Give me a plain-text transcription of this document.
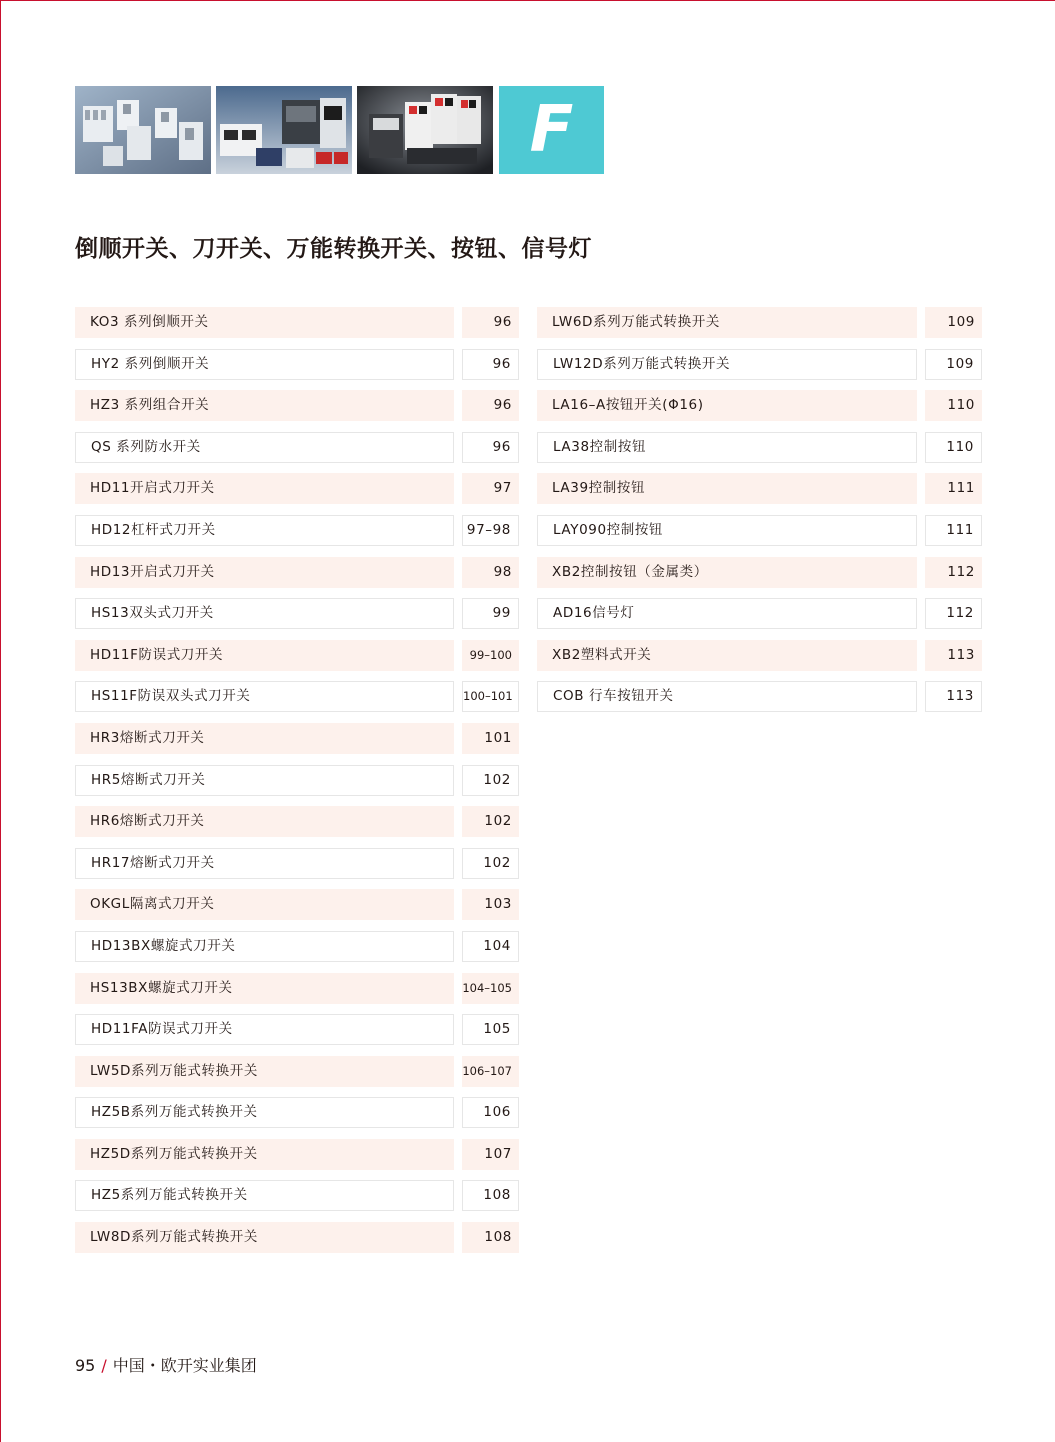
F
倒顺开关、刀开关、万能转换开关、按钮、信号灯
KO3 系列倒顺开关	96
HY2 系列倒顺开关	96
HZ3 系列组合开关	96
QS 系列防水开关	96
HD11开启式刀开关	97
HD12杠杆式刀开关	97–98
HD13开启式刀开关	98
HS13双头式刀开关	99
HD11F防误式刀开关	99–100
HS11F防误双头式刀开关	100–101
HR3熔断式刀开关	101
HR5熔断式刀开关	102
HR6熔断式刀开关	102
HR17熔断式刀开关	102
OKGL隔离式刀开关	103
HD13BX螺旋式刀开关	104
HS13BX螺旋式刀开关	104–105
HD11FA防误式刀开关	105
LW5D系列万能式转换开关	106–107
HZ5B系列万能式转换开关	106
HZ5D系列万能式转换开关	107
HZ5系列万能式转换开关	108
LW8D系列万能式转换开关	108
LW6D系列万能式转换开关	109
LW12D系列万能式转换开关	109
LA16–A按钮开关(Φ16)	110
LA38控制按钮	110
LA39控制按钮	111
LAY090控制按钮	111
XB2控制按钮（金属类）	112
AD16信号灯	112
XB2塑料式开关	113
COB 行车按钮开关	113
95 / 中国・欧开实业集团
